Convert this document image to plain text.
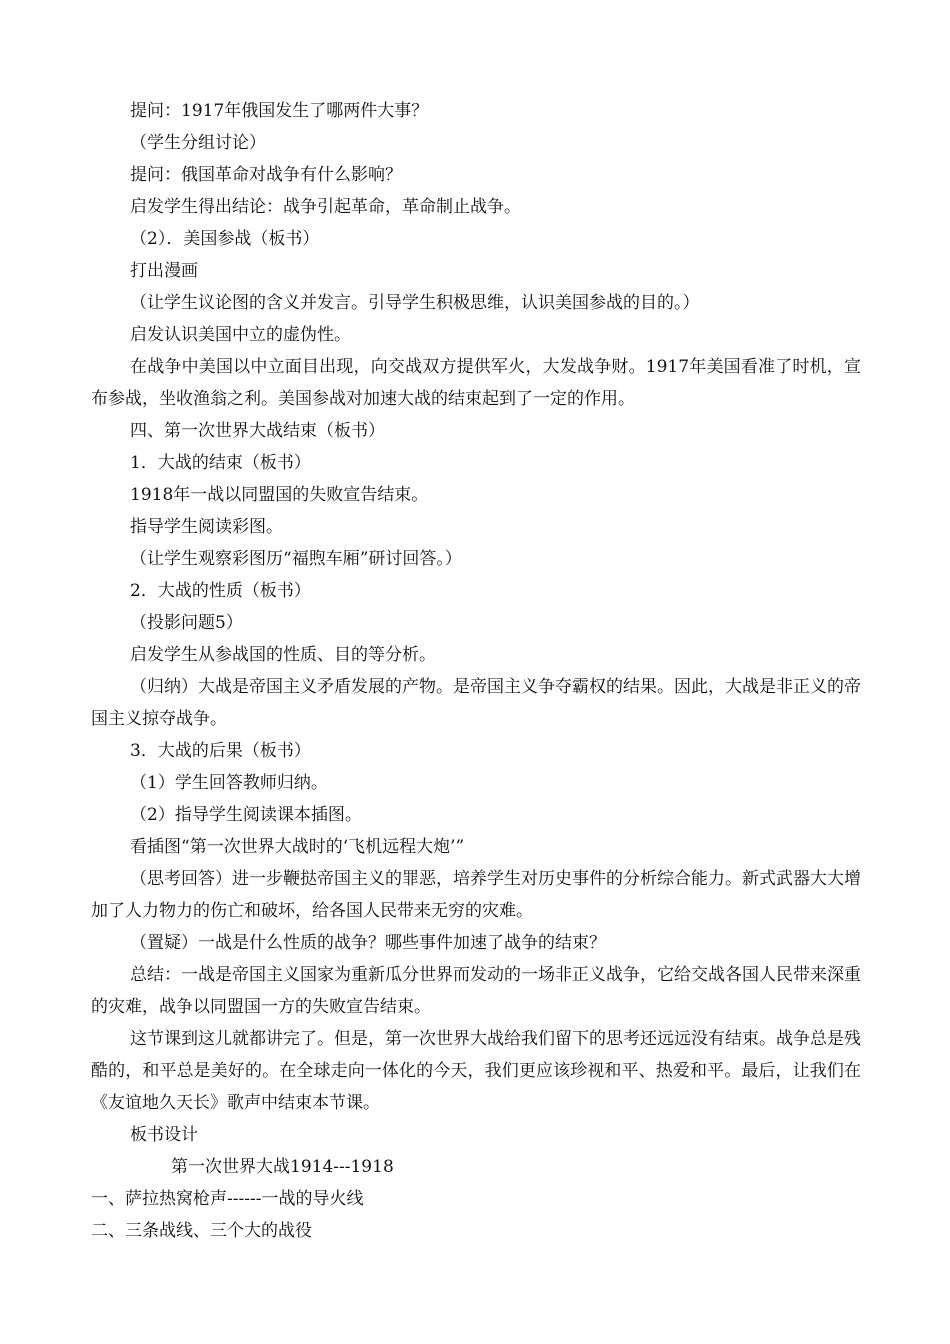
提问：1917年俄国发生了哪两件大事？

（学生分组讨论）

提问：俄国革命对战争有什么影响？

启发学生得出结论：战争引起革命，革命制止战争。

（2）．美国参战（板书）

打出漫画

（让学生议论图的含义并发言。引导学生积极思维，认识美国参战的目的。）

启发认识美国中立的虚伪性。

在战争中美国以中立面目出现，向交战双方提供军火，大发战争财。1917年美国看准了时机，宣布参战，坐收渔翁之利。美国参战对加速大战的结束起到了一定的作用。

四、第一次世界大战结束（板书）

1．大战的结束（板书）

1918年一战以同盟国的失败宣告结束。

指导学生阅读彩图。

（让学生观察彩图历“福煦车厢”研讨回答。）

2．大战的性质（板书）

（投影问题5）

启发学生从参战国的性质、目的等分析。

（归纳）大战是帝国主义矛盾发展的产物。是帝国主义争夺霸权的结果。因此，大战是非正义的帝国主义掠夺战争。

3．大战的后果（板书）

（1）学生回答教师归纳。

（2）指导学生阅读课本插图。

看插图“第一次世界大战时的‘飞机远程大炮’”

（思考回答）进一步鞭挞帝国主义的罪恶，培养学生对历史事件的分析综合能力。新式武器大大增加了人力物力的伤亡和破坏，给各国人民带来无穷的灾难。

（置疑）一战是什么性质的战争？哪些事件加速了战争的结束？

总结：一战是帝国主义国家为重新瓜分世界而发动的一场非正义战争，它给交战各国人民带来深重的灾难，战争以同盟国一方的失败宣告结束。

这节课到这儿就都讲完了。但是，第一次世界大战给我们留下的思考还远远没有结束。战争总是残酷的，和平总是美好的。在全球走向一体化的今天，我们更应该珍视和平、热爱和平。最后，让我们在《友谊地久天长》歌声中结束本节课。

板书设计

第一次世界大战1914---1918

一、萨拉热窝枪声------一战的导火线

二、三条战线、三个大的战役
